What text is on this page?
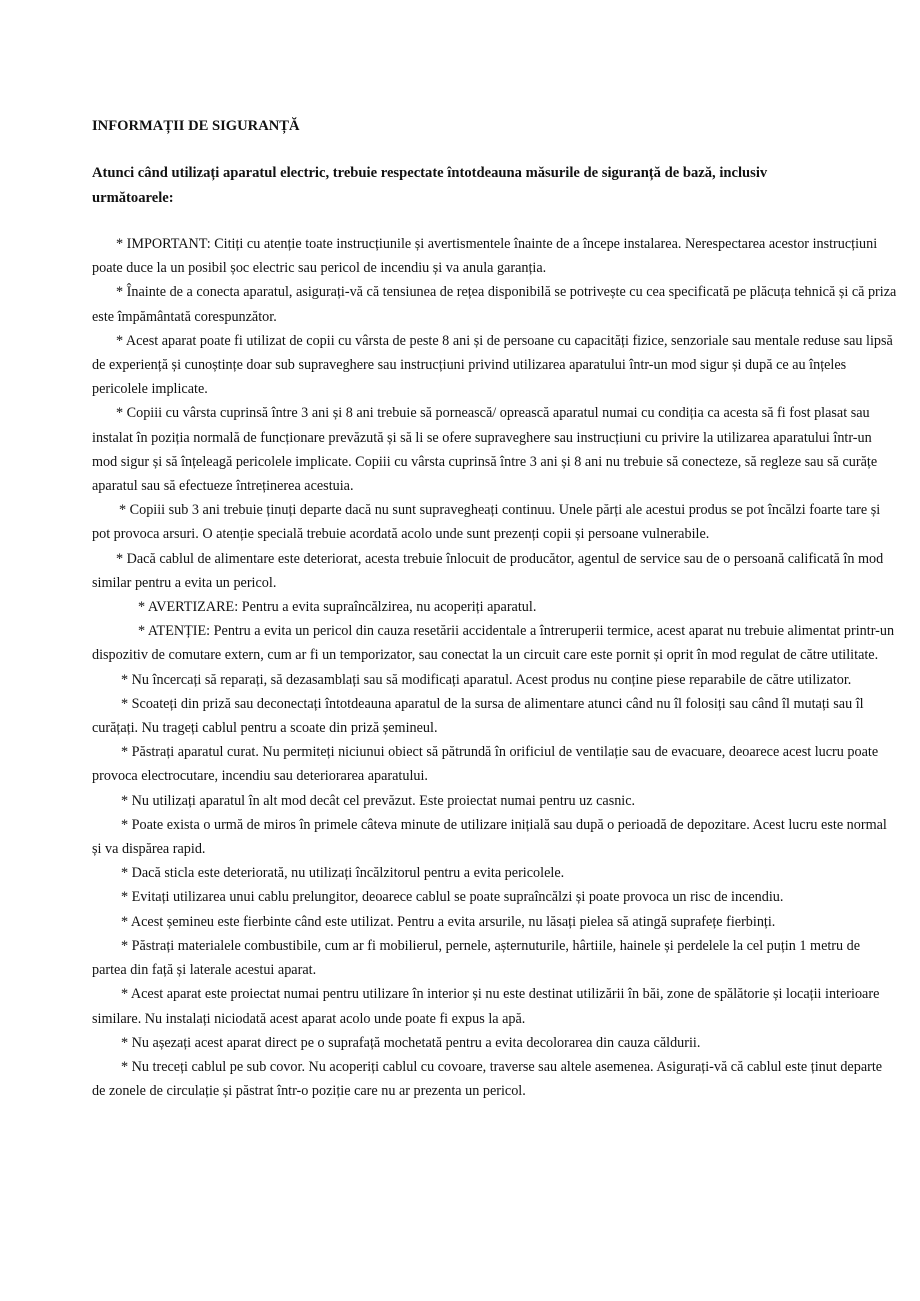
INFORMAȚII DE SIGURANȚĂ

Atunci când utilizați aparatul electric, trebuie respectate întotdeauna măsurile de siguranță de bază, inclusiv următoarele:

* IMPORTANT: Citiți cu atenție toate instrucțiunile și avertismentele înainte de a începe instalarea. Nerespectarea acestor instrucțiuni poate duce la un posibil șoc electric sau pericol de incendiu și va anula garanția.

* Înainte de a conecta aparatul, asigurați-vă că tensiunea de rețea disponibilă se potrivește cu cea specificată pe plăcuța tehnică și că priza este împământată corespunzător.

* Acest aparat poate fi utilizat de copii cu vârsta de peste 8 ani și de persoane cu capacități fizice, senzoriale sau mentale reduse sau lipsă de experiență și cunoștințe doar sub supraveghere sau instrucțiuni privind utilizarea aparatului într-un mod sigur și după ce au înțeles pericolele implicate.

* Copiii cu vârsta cuprinsă între 3 ani și 8 ani trebuie să pornească/ oprească aparatul numai cu condiția ca acesta să fi fost plasat sau instalat în poziția normală de funcționare prevăzută și să li se ofere supraveghere sau instrucțiuni cu privire la utilizarea aparatului într-un mod sigur și să înțeleagă pericolele implicate. Copiii cu vârsta cuprinsă între 3 ani și 8 ani nu trebuie să conecteze, să regleze sau să curățe aparatul sau să efectueze întreținerea acestuia.

* Copiii sub 3 ani trebuie ținuți departe dacă nu sunt supravegheați continuu. Unele părți ale acestui produs se pot încălzi foarte tare și pot provoca arsuri. O atenție specială trebuie acordată acolo unde sunt prezenți copii și persoane vulnerabile.

* Dacă cablul de alimentare este deteriorat, acesta trebuie înlocuit de producător, agentul de service sau de o persoană calificată în mod similar pentru a evita un pericol.

* AVERTIZARE: Pentru a evita supraîncălzirea, nu acoperiți aparatul.

* ATENȚIE: Pentru a evita un pericol din cauza resetării accidentale a întreruperii termice, acest aparat nu trebuie alimentat printr-un dispozitiv de comutare extern, cum ar fi un temporizator, sau conectat la un circuit care este pornit și oprit în mod regulat de către utilitate.

* Nu încercați să reparați, să dezasamblați sau să modificați aparatul. Acest produs nu conține piese reparabile de către utilizator.

* Scoateți din priză sau deconectați întotdeauna aparatul de la sursa de alimentare atunci când nu îl folosiți sau când îl mutați sau îl curățați. Nu trageți cablul pentru a scoate din priză șemineul.

* Păstrați aparatul curat. Nu permiteți niciunui obiect să pătrundă în orificiul de ventilație sau de evacuare, deoarece acest lucru poate provoca electrocutare, incendiu sau deteriorarea aparatului.

* Nu utilizați aparatul în alt mod decât cel prevăzut. Este proiectat numai pentru uz casnic.

* Poate exista o urmă de miros în primele câteva minute de utilizare inițială sau după o perioadă de depozitare. Acest lucru este normal și va dispărea rapid.

* Dacă sticla este deteriorată, nu utilizați încălzitorul pentru a evita pericolele.

* Evitați utilizarea unui cablu prelungitor, deoarece cablul se poate supraîncălzi și poate provoca un risc de incendiu.

* Acest șemineu este fierbinte când este utilizat. Pentru a evita arsurile, nu lăsați pielea să atingă suprafețe fierbinți.

* Păstrați materialele combustibile, cum ar fi mobilierul, pernele, așternuturile, hârtiile, hainele și perdelele la cel puțin 1 metru de partea din față și laterale acestui aparat.

* Acest aparat este proiectat numai pentru utilizare în interior și nu este destinat utilizării în băi, zone de spălătorie și locații interioare similare. Nu instalați niciodată acest aparat acolo unde poate fi expus la apă.

* Nu așezați acest aparat direct pe o suprafață mochetată pentru a evita decolorarea din cauza căldurii.

* Nu treceți cablul pe sub covor. Nu acoperiți cablul cu covoare, traverse sau altele asemenea. Asigurați-vă că cablul este ținut departe de zonele de circulație și păstrat într-o poziție care nu ar prezenta un pericol.
